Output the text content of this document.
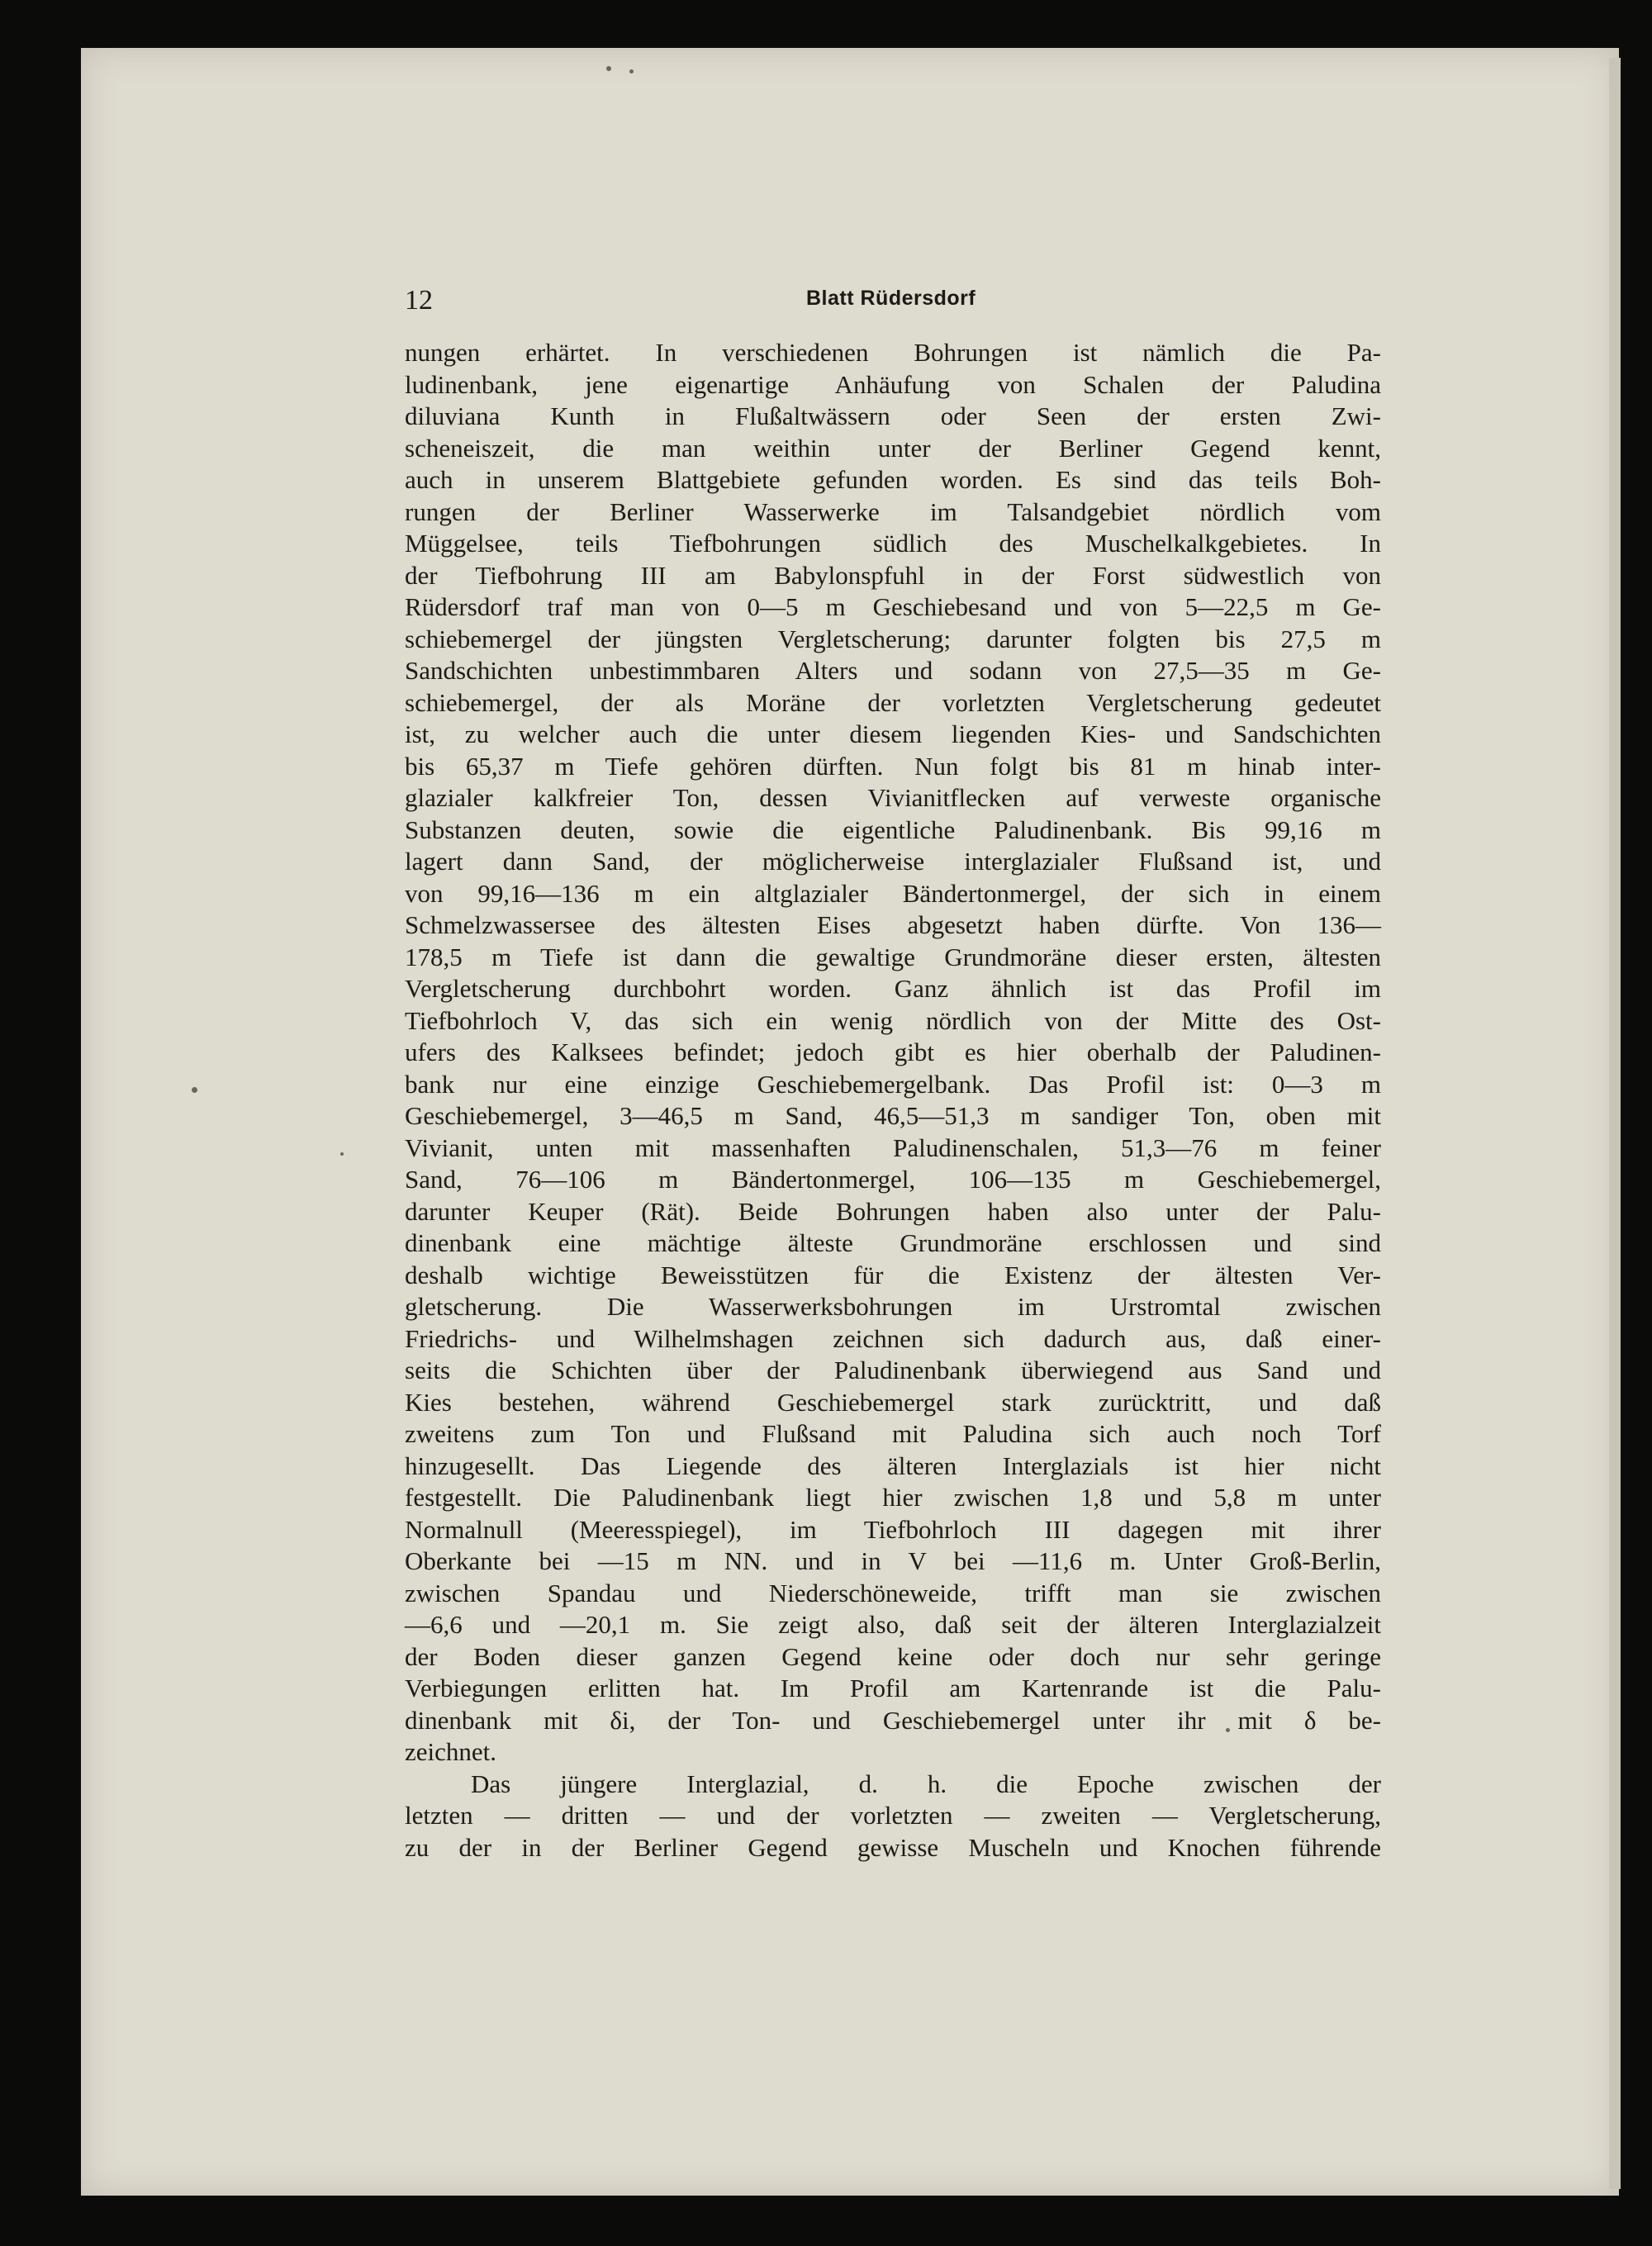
12	Blatt Rüdersdorf
nungen erhärtet. In verschiedenen Bohrungen ist nämlich die Pa-
ludinenbank, jene eigenartige Anhäufung von Schalen der Paludina
diluviana Kunth in Flußaltwässern oder Seen der ersten Zwi-
scheneiszeit, die man weithin unter der Berliner Gegend kennt,
auch in unserem Blattgebiete gefunden worden. Es sind das teils Boh-
rungen der Berliner Wasserwerke im Talsandgebiet nördlich vom
Müggelsee, teils Tiefbohrungen südlich des Muschelkalkgebietes. In
der Tiefbohrung III am Babylonspfuhl in der Forst südwestlich von
Rüdersdorf traf man von 0—5 m Geschiebesand und von 5—22,5 m Ge-
schiebemergel der jüngsten Vergletscherung; darunter folgten bis 27,5 m
Sandschichten unbestimmbaren Alters und sodann von 27,5—35 m Ge-
schiebemergel, der als Moräne der vorletzten Vergletscherung gedeutet
ist, zu welcher auch die unter diesem liegenden Kies- und Sandschichten
bis 65,37 m Tiefe gehören dürften. Nun folgt bis 81 m hinab inter-
glazialer kalkfreier Ton, dessen Vivianitflecken auf verweste organische
Substanzen deuten, sowie die eigentliche Paludinenbank. Bis 99,16 m
lagert dann Sand, der möglicherweise interglazialer Flußsand ist, und
von 99,16—136 m ein altglazialer Bändertonmergel, der sich in einem
Schmelzwassersee des ältesten Eises abgesetzt haben dürfte. Von 136—
178,5 m Tiefe ist dann die gewaltige Grundmoräne dieser ersten, ältesten
Vergletscherung durchbohrt worden. Ganz ähnlich ist das Profil im
Tiefbohrloch V, das sich ein wenig nördlich von der Mitte des Ost-
ufers des Kalksees befindet; jedoch gibt es hier oberhalb der Paludinen-
bank nur eine einzige Geschiebemergelbank. Das Profil ist: 0—3 m
Geschiebemergel, 3—46,5 m Sand, 46,5—51,3 m sandiger Ton, oben mit
Vivianit, unten mit massenhaften Paludinenschalen, 51,3—76 m feiner
Sand, 76—106 m Bändertonmergel, 106—135 m Geschiebemergel,
darunter Keuper (Rät). Beide Bohrungen haben also unter der Palu-
dinenbank eine mächtige älteste Grundmoräne erschlossen und sind
deshalb wichtige Beweisstützen für die Existenz der ältesten Ver-
gletscherung. Die Wasserwerksbohrungen im Urstromtal zwischen
Friedrichs- und Wilhelmshagen zeichnen sich dadurch aus, daß einer-
seits die Schichten über der Paludinenbank überwiegend aus Sand und
Kies bestehen, während Geschiebemergel stark zurücktritt, und daß
zweitens zum Ton und Flußsand mit Paludina sich auch noch Torf
hinzugesellt. Das Liegende des älteren Interglazials ist hier nicht
festgestellt. Die Paludinenbank liegt hier zwischen 1,8 und 5,8 m unter
Normalnull (Meeresspiegel), im Tiefbohrloch III dagegen mit ihrer
Oberkante bei —15 m NN. und in V bei —11,6 m. Unter Groß-Berlin,
zwischen Spandau und Niederschöneweide, trifft man sie zwischen
—6,6 und —20,1 m. Sie zeigt also, daß seit der älteren Interglazialzeit
der Boden dieser ganzen Gegend keine oder doch nur sehr geringe
Verbiegungen erlitten hat. Im Profil am Kartenrande ist die Palu-
dinenbank mit δi, der Ton- und Geschiebemergel unter ihr mit δ be-
zeichnet.
Das jüngere Interglazial, d. h. die Epoche zwischen der
letzten — dritten — und der vorletzten — zweiten — Vergletscherung,
zu der in der Berliner Gegend gewisse Muscheln und Knochen führende
